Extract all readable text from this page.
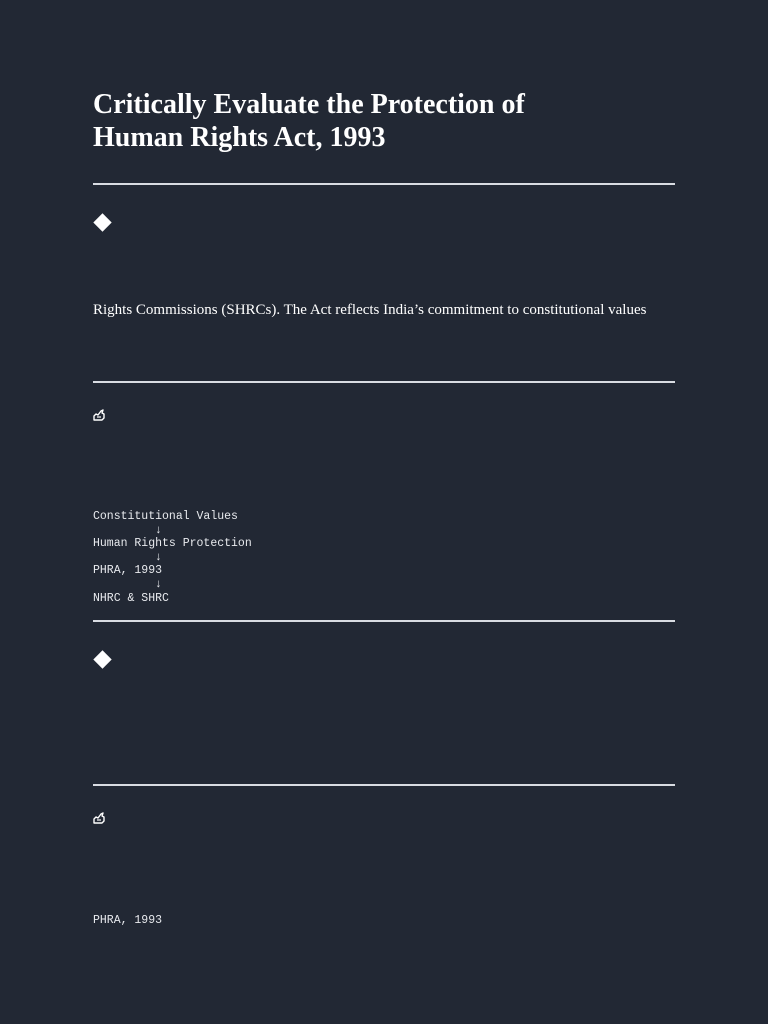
Critically Evaluate the Protection of
Human Rights Act, 1993

Rights Commissions (SHRCs). The Act reflects India’s commitment to constitutional values

Constitutional Values
↓
Human Rights Protection
↓
PHRA, 1993
↓
NHRC & SHRC
PHRA, 1993
